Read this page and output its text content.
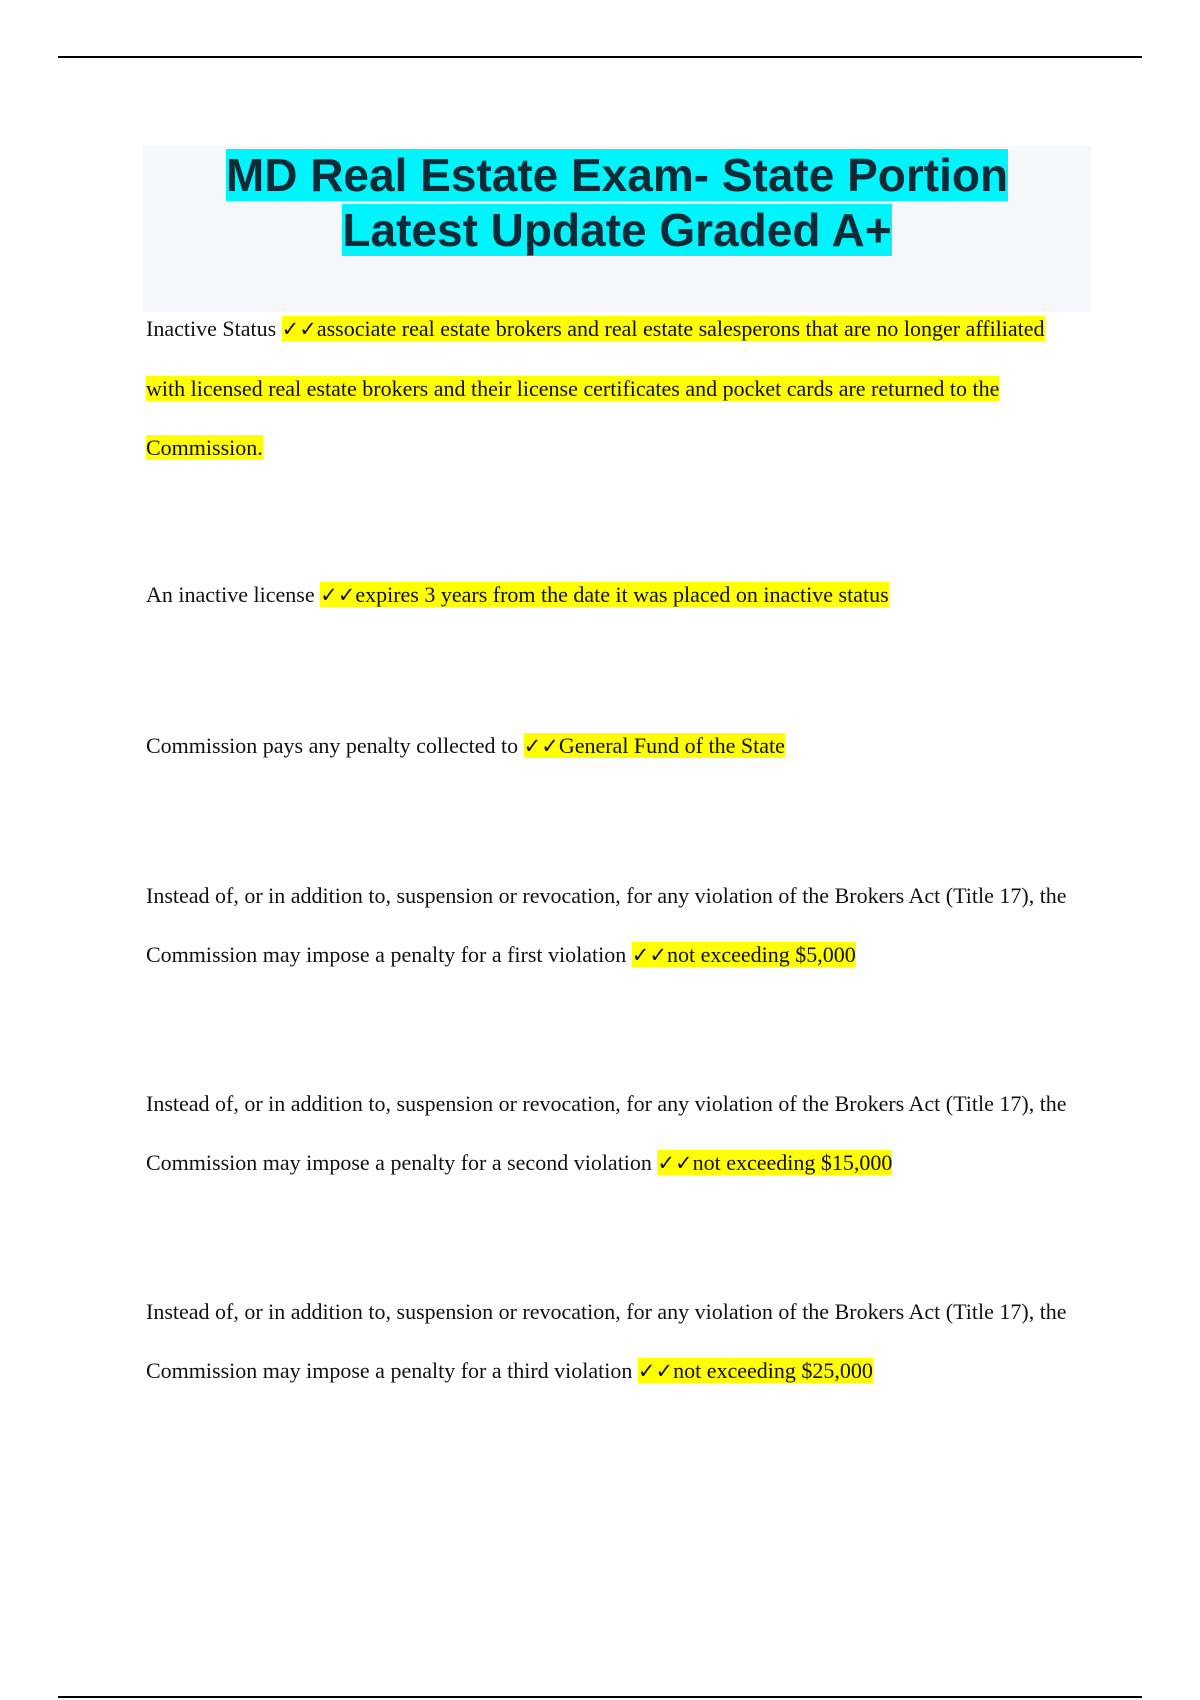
MD Real Estate Exam- State Portion
Latest Update Graded A+

Inactive Status ✓✓associate real estate brokers and real estate salesperons that are no longer affiliated with licensed real estate brokers and their license certificates and pocket cards are returned to the Commission.

An inactive license ✓✓expires 3 years from the date it was placed on inactive status

Commission pays any penalty collected to ✓✓General Fund of the State

Instead of, or in addition to, suspension or revocation, for any violation of the Brokers Act (Title 17), the Commission may impose a penalty for a first violation ✓✓not exceeding $5,000

Instead of, or in addition to, suspension or revocation, for any violation of the Brokers Act (Title 17), the Commission may impose a penalty for a second violation ✓✓not exceeding $15,000

Instead of, or in addition to, suspension or revocation, for any violation of the Brokers Act (Title 17), the Commission may impose a penalty for a third violation ✓✓not exceeding $25,000
